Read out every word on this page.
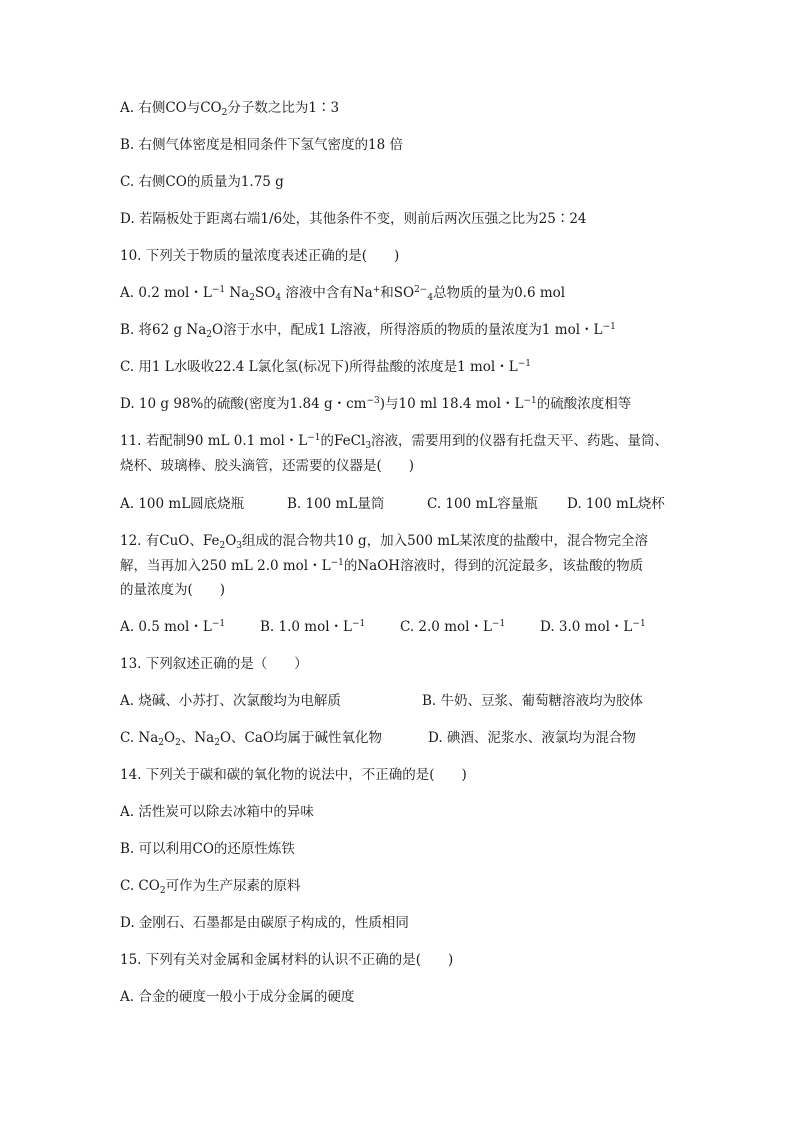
A. 右侧CO与$CO_2$分子数之比为1∶3
B. 右侧气体密度是相同条件下氢气密度的18 倍
C. 右侧CO的质量为1.75 g
D. 若隔板处于距离右端1/6处，其他条件不变，则前后两次压强之比为25∶24
10. 下列关于物质的量浓度表述正确的是(　　)
A. 0.2 mol・$L^{-1}$ $Na_2SO_4$ 溶液中含有Na+和$SO^{2-}_4$总物质的量为0.6 mol
B. 将62 g $Na_2O$溶于水中，配成1 L溶液，所得溶质的物质的量浓度为1 mol・$L^{-1}$
C. 用1 L水吸收22.4 L氯化氢(标况下)所得盐酸的浓度是1 mol・$L^{-1}$
D. 10 g 98%的硫酸(密度为1.84 g・$cm^{-3}$)与10 ml 18.4 mol・$L^{-1}$的硫酸浓度相等
11. 若配制90 mL 0.1 mol・$L^{-1}$的FeCl$_3$溶液，需要用到的仪器有托盘天平、药匙、量筒、
烧杯、玻璃棒、胶头滴管，还需要的仪器是(　　)
A. 100 mL圆底烧瓶	B. 100 mL量筒	C. 100 mL容量瓶 D. 100 mL烧杯
12. 有CuO、$Fe_2O_3$组成的混合物共10 g，加入500 mL某浓度的盐酸中，混合物完全溶
解，当再加入250 mL 2.0 mol・$L^{-1}$的NaOH溶液时，得到的沉淀最多，该盐酸的物质
的量浓度为(　　)
A. 0.5 mol・$L^{-1}$	B. 1.0 mol・$L^{-1}$	C. 2.0 mol・$L^{-1}$	D. 3.0 mol・$L^{-1}$
13. 下列叙述正确的是（　　）
A. 烧碱、小苏打、次氯酸均为电解质	B. 牛奶、豆浆、葡萄糖溶液均为胶体
C. $Na_2O_2$、$Na_2O$、CaO均属于碱性氧化物	D. 碘酒、泥浆水、液氯均为混合物
14. 下列关于碳和碳的氧化物的说法中，不正确的是(　　)
A. 活性炭可以除去冰箱中的异味
B. 可以利用CO的还原性炼铁
C. $CO_2$可作为生产尿素的原料
D. 金刚石、石墨都是由碳原子构成的，性质相同
15. 下列有关对金属和金属材料的认识不正确的是(　　)
A. 合金的硬度一般小于成分金属的硬度
